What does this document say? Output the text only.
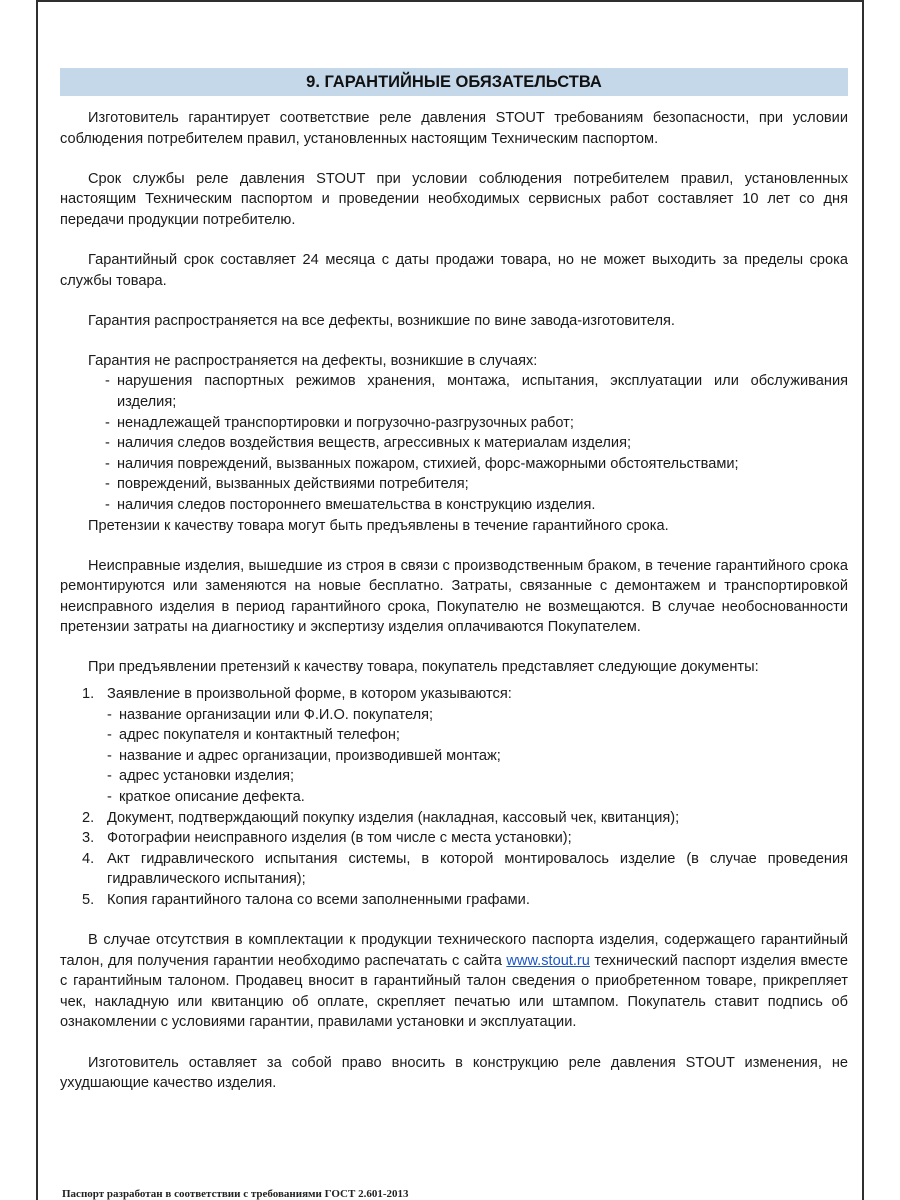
9. ГАРАНТИЙНЫЕ ОБЯЗАТЕЛЬСТВА

Изготовитель гарантирует соответствие реле давления STOUT требованиям безопасности, при условии соблюдения потребителем правил, установленных настоящим Техническим паспортом.

Срок службы реле давления STOUT при условии соблюдения потребителем правил, установленных настоящим Техническим паспортом и проведении необходимых сервисных работ составляет 10 лет со дня передачи продукции потребителю.

Гарантийный срок составляет 24 месяца с даты продажи товара, но не может выходить за пределы срока службы товара.

Гарантия распространяется на все дефекты, возникшие по вине завода-изготовителя.

Гарантия не распространяется на дефекты, возникшие в случаях:

- нарушения паспортных режимов хранения, монтажа, испытания, эксплуатации или обслуживания изделия;
- ненадлежащей транспортировки и погрузочно-разгрузочных работ;
- наличия следов воздействия веществ, агрессивных к материалам изделия;
- наличия повреждений, вызванных пожаром, стихией, форс-мажорными обстоятельствами;
- повреждений, вызванных действиями потребителя;
- наличия следов постороннего вмешательства в конструкцию изделия.

Претензии к качеству товара могут быть предъявлены в течение гарантийного срока.

Неисправные изделия, вышедшие из строя в связи с производственным браком, в течение гарантийного срока ремонтируются или заменяются на новые бесплатно. Затраты, связанные с демонтажем и транспортировкой неисправного изделия в период гарантийного срока, Покупателю не возмещаются. В случае необоснованности претензии затраты на диагностику и экспертизу изделия оплачиваются Покупателем.

При предъявлении претензий к качеству товара, покупатель представляет следующие документы:

1. Заявление в произвольной форме, в котором указываются:
- название организации или Ф.И.О. покупателя;
- адрес покупателя и контактный телефон;
- название и адрес организации, производившей монтаж;
- адрес установки изделия;
- краткое описание дефекта.
2. Документ, подтверждающий покупку изделия (накладная, кассовый чек, квитанция);
3. Фотографии неисправного изделия (в том числе с места установки);
4. Акт гидравлического испытания системы, в которой монтировалось изделие (в случае проведения гидравлического испытания);
5. Копия гарантийного талона со всеми заполненными графами.

В случае отсутствия в комплектации к продукции технического паспорта изделия, содержащего гарантийный талон, для получения гарантии необходимо распечатать с сайта www.stout.ru технический паспорт изделия вместе с гарантийным талоном. Продавец вносит в гарантийный талон сведения о приобретенном товаре, прикрепляет чек, накладную или квитанцию об оплате, скрепляет печатью или штампом. Покупатель ставит подпись об ознакомлении с условиями гарантии, правилами установки и эксплуатации.

Изготовитель оставляет за собой право вносить в конструкцию реле давления STOUT изменения, не ухудшающие качество изделия.

Паспорт разработан в соответствии с требованиями ГОСТ 2.601-2013
